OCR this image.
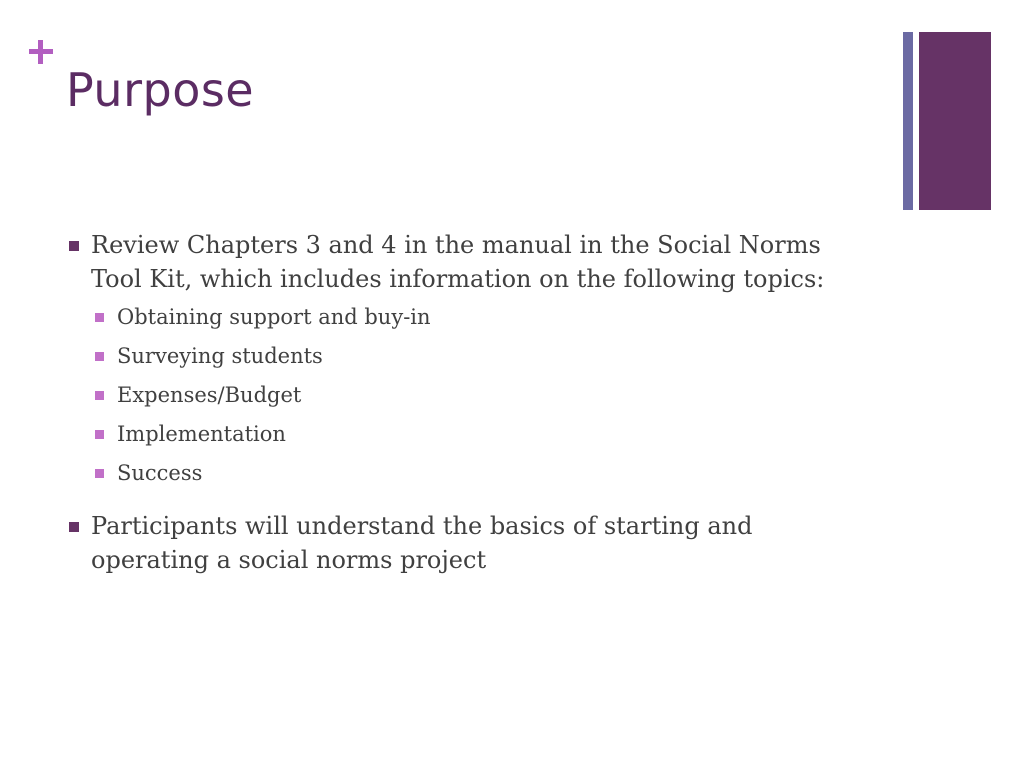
Purpose
Review Chapters 3 and 4 in the manual in the Social Norms Tool Kit, which includes information on the following topics:
Obtaining support and buy-in
Surveying students
Expenses/Budget
Implementation
Success
Participants will understand the basics of starting and operating a social norms project
